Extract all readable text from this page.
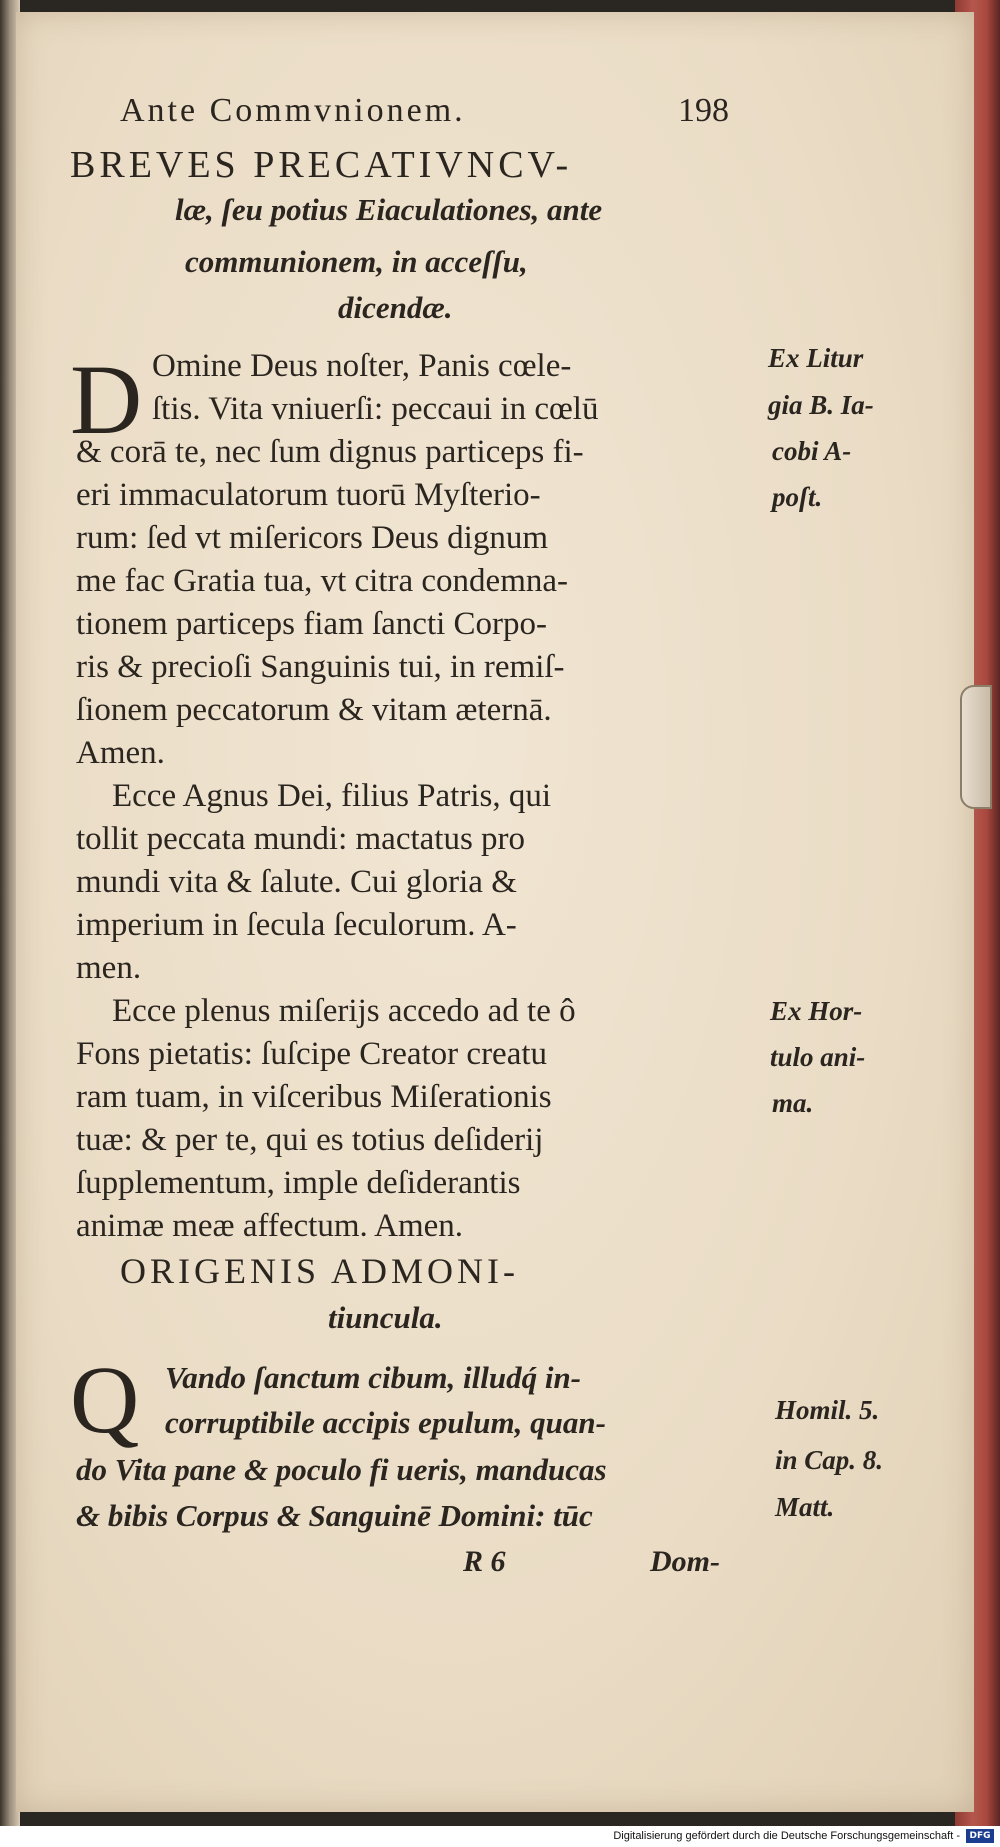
Ante Commvnionem.	198
BREVES PRECATIVNCV-
læ, ſeu potius Eiaculationes, ante
communionem, in acceſſu,
dicendæ.
D Omine Deus noſter, Panis cœle-
ſtis. Vita vniuerſi: peccaui in cœlū
& corā te, nec ſum dignus particeps fi-
eri immaculatorum tuorū Myſterio-
rum: ſed vt miſericors Deus dignum
me fac Gratia tua, vt citra condemna-
tionem particeps fiam ſancti Corpo-
ris & precioſi Sanguinis tui, in remiſ-
ſionem peccatorum & vitam æternā.
Amen.
Ex Litur
gia B. Ia-
cobi A-
poſt.
Ecce Agnus Dei, filius Patris, qui
tollit peccata mundi: mactatus pro
mundi vita & ſalute. Cui gloria &
imperium in ſecula ſeculorum. A-
men.
Ecce plenus miſerijs accedo ad te ô
Fons pietatis: ſuſcipe Creator creatu
ram tuam, in viſceribus Miſerationis
tuæ: & per te, qui es totius deſiderij
ſupplementum, imple deſiderantis
animæ meæ affectum. Amen.
Ex Hor-
tulo ani-
ma.
ORIGENIS ADMONI-
tiuncula.
Q Vando ſanctum cibum, illudq́ in-
corruptibile accipis epulum, quan-
do Vita pane & poculo fi ueris, manducas
& bibis Corpus & Sanguinē Domini: tūc
Homil. 5.
in Cap. 8.
Matt.
R 6	Dom-
Digitalisierung gefördert durch die Deutsche Forschungsgemeinschaft -	DFG
